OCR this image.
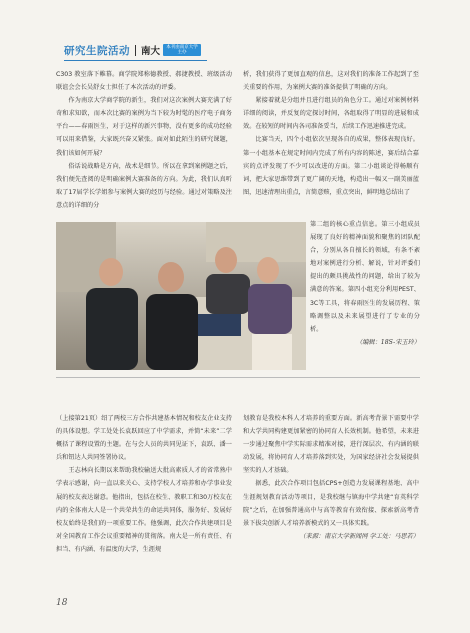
研究生院活动 南大	本刊由南京大学主办

C303 教室落下帷幕。商学院郑称德教授、郝捷教授、班级活动联谊会会长吴舒女士担任了本次活动的评委。

作为南京大学商学院的新生，我们对这次案例大赛充满了好奇和求知欲，而本次比赛的案例为当下较为时髦的医疗电子商务平台——春雨医生，对于这样的新兴事物，没有更多的成功经验可以用来借鉴，大家既兴奋又紧张。面对如此陌生的研究课题，我们该如何开展？

俗话说战略是方向，战术是细节。所以在拿到案例题之后，我们便先查阅的是明确案例大赛准备的方向。为此，我们认真听取了17届学长学姐参与案例大赛的经历与经验。通过对策略及注意点的详细的分

析，我们获得了更加直观的信息，这对我们的准备工作起到了至关重要的作用，为案例大赛的准备提供了明确的方向。

紧接着就是分组并且进行组员的角色分工。通过对案例材料详细的阅读，并反复的定探讨时间，各组取得了明显的进展和成效。在较短的时间内各司准备妥当，后续工作迅速推进完成。

比赛当天，四个小组依次呈现各自的成果，整体表现良好。第一小组基本在规定时间内完成了所有内容的陈述，赛后结合嘉宾的点评发现了不少可以改进的方面。第二小组谈论得畅顺有词，把大家思维带到了更广阔的天地，构造出一幅又一副美丽蓝图，迅速清理出重点，言简意赅，重点突出，鲜明地总结出了

第二组的核心重点信息。第三小组成员展现了良好的精神面貌和聚焦的团队配合，分别从各自擅长的领域，有条不紊地对案例进行分析、解说，针对评委们提出的颇具挑战性的问题，给出了较为满意的答案。第四小组充分利用PEST、3C等工具，将春雨医生的发展历程、策略调整以及未来展望进行了专业的分析。

（编辑：18S-宋玉玲）

（上接第21页）绍了两校三方合作共建基本情况和校友企业支持的具体设想。学工处处长袁跃回应了中学需求，并简“未来”二学概括了课程设置的主题。在与会人员的共同见证下，袁跃、潘一兵和钮达人共同签署协议。

王志林向长期以来帮助我校输送大批高素质人才的省常熟中学表示感谢，向一直以来关心、支持学校人才培养和办学事业发展的校友表达谢意。他指出，包括在校生、教职工和30万校友在内的全体南大人是一个共荣共生的命运共同体，服务好、发展好校友始终是我们的一项重要工作。他强调，此次合作共建项目是对全国教育工作会议重要精神的贯彻落。南大是一所有责任、有担当、有内涵、有温度的大学，生涯规

划教育是我校本科人才培养的重要方面。新高考背景下需要中学和大学共同构建更加紧密的协同育人长效机制。他希望，未来进一步通过聚焦中学实际需求精准对接，进行深层次、有内涵的联动发展，将协同育人才培养落到实处，为国家经济社会发展提供坚实的人才基础。

据悉，此次合作项目包括CPS+创造力发展课程基地、高中生涯规划教育活动等项目，是我校继与镇海中学共建“育英科学院”之后，在加强普通高中与高等教育有效衔接、探索新高考背景下拔尖创新人才培养新模式的又一具体实践。

（来源：南京大学新闻网 学工处：马思若）

18
